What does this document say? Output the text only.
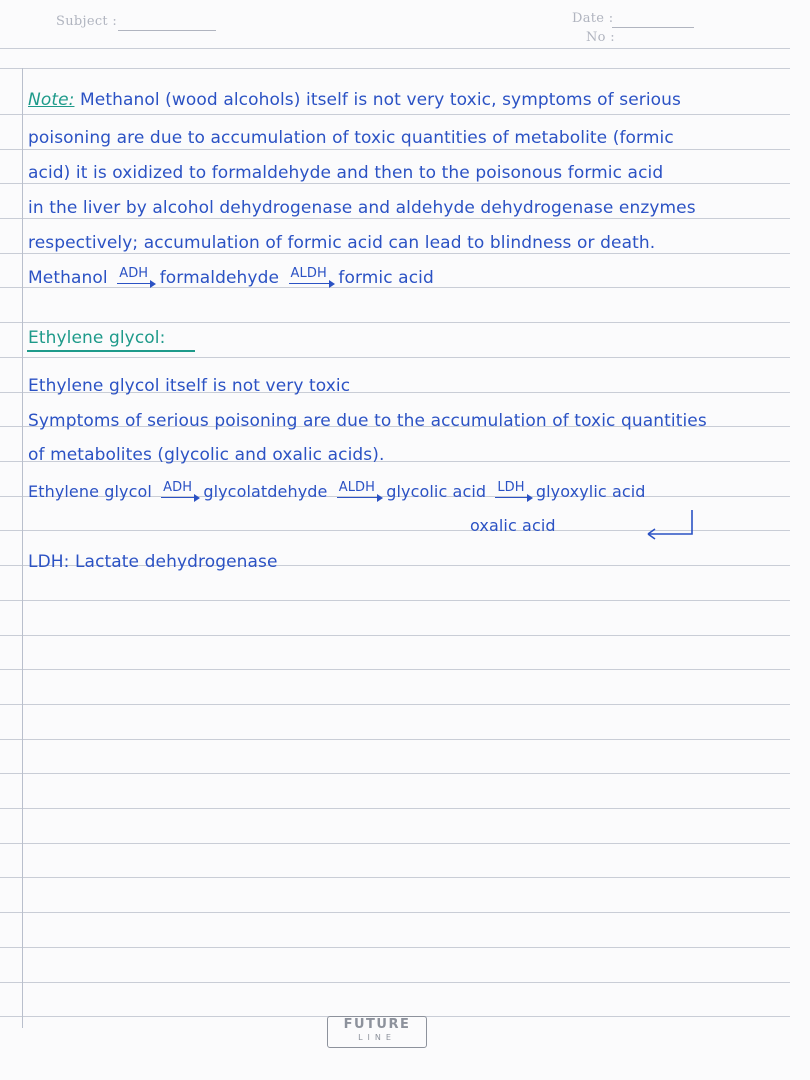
Subject :	Date :
No :
Note: Methanol (wood alcohols) itself is not very toxic, symptoms of serious
poisoning are due to accumulation of toxic quantities of metabolite (formic
acid) it is oxidized to formaldehyde and then to the poisonous formic acid
in the liver by alcohol dehydrogenase and aldehyde dehydrogenase enzymes
respectively; accumulation of formic acid can lead to blindness or death.
Methanol ADH formaldehyde ALDH formic acid
Ethylene glycol:
Ethylene glycol itself is not very toxic
Symptoms of serious poisoning are due to the accumulation of toxic quantities
of metabolites (glycolic and oxalic acids).
Ethylene glycol ADH glycolatdehyde ALDH glycolic acid LDH glyoxylic acid
oxalic acid
LDH: Lactate dehydrogenase
FUTURE
LINE
